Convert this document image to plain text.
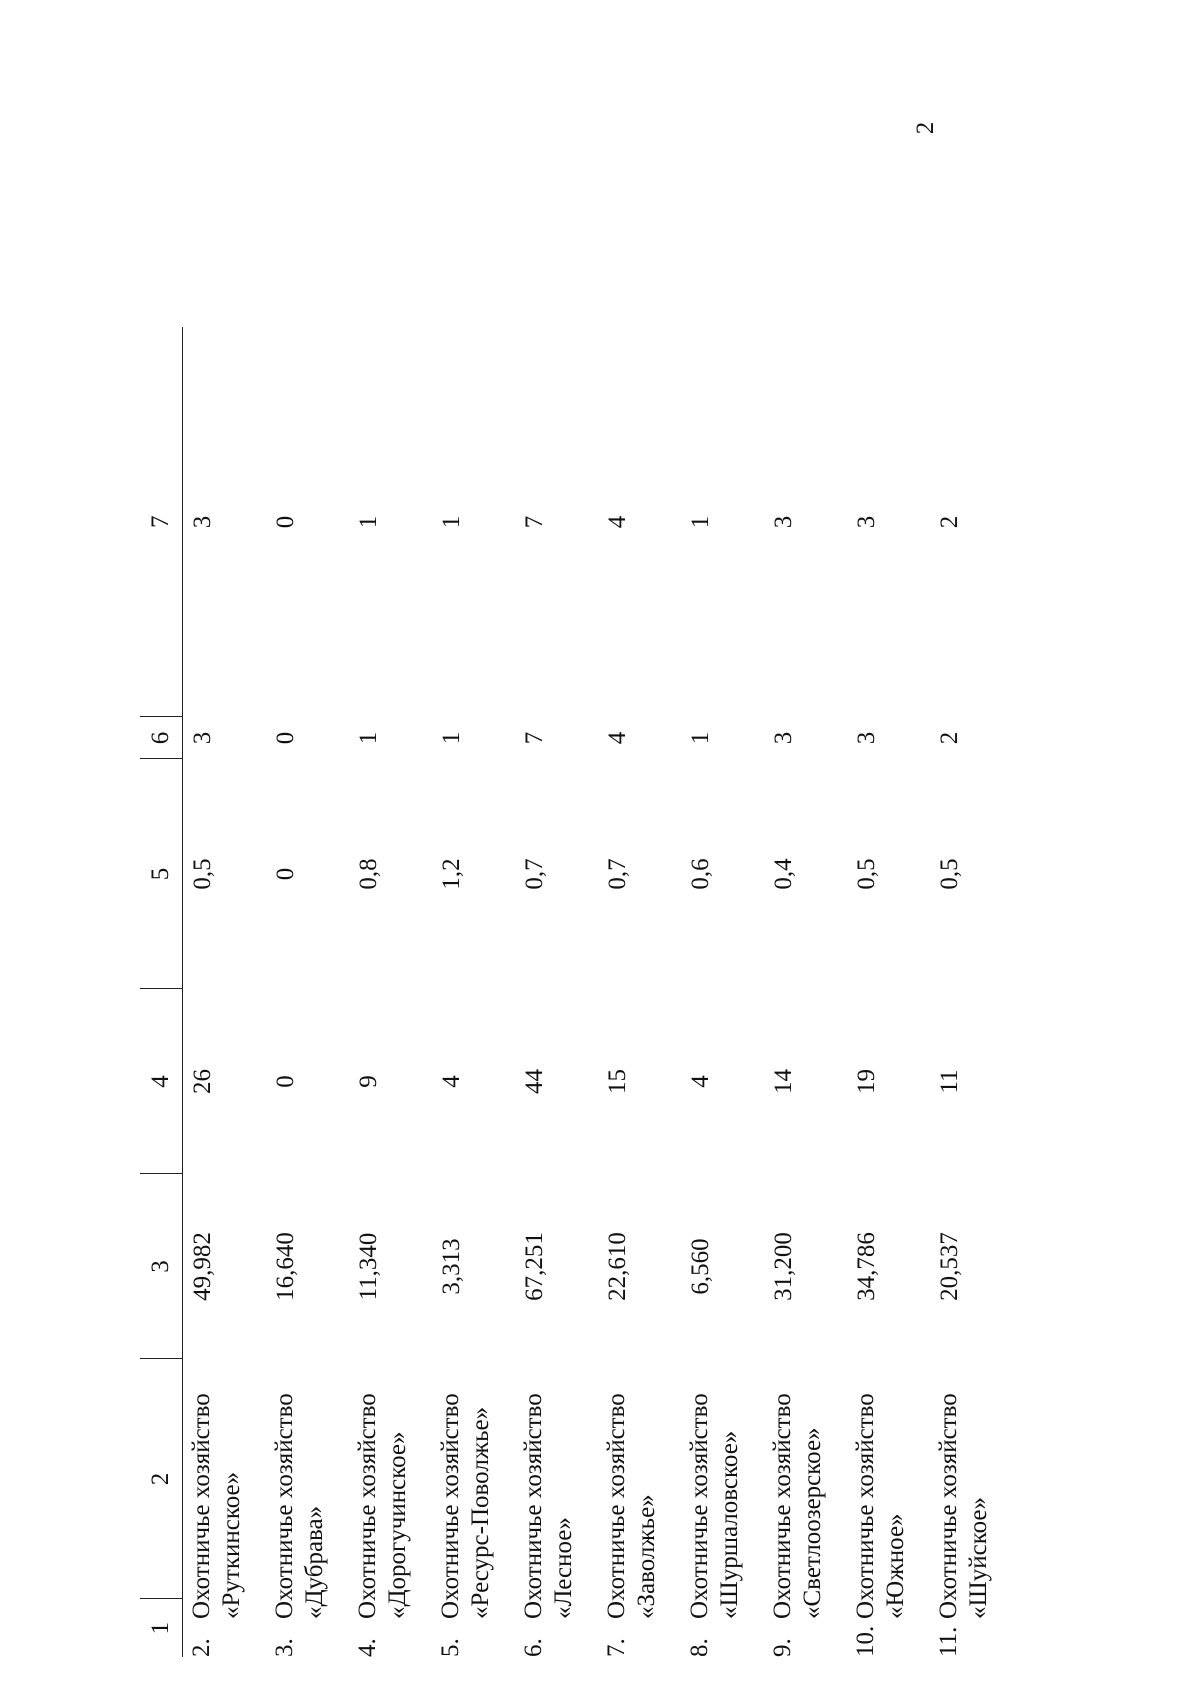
2
1	2	3	4	5	6	7
2.Охотничье хозяйство «Руткинское»		49,982	26	0,5	3	3
3.Охотничье хозяйство «Дубрава»		16,640	0	0	0	0
4.Охотничье хозяйство «Дорогучинское»		11,340	9	0,8	1	1
5.Охотничье хозяйство «Ресурс-Поволжье»		3,313	4	1,2	1	1
6.Охотничье хозяйство «Лесное»		67,251	44	0,7	7	7
7.Охотничье хозяйство «Заволжье»		22,610	15	0,7	4	4
8.Охотничье хозяйство «Шуршаловское»		6,560	4	0,6	1	1
9.Охотничье хозяйство «Светлоозерское»		31,200	14	0,4	3	3
10.Охотничье хозяйство «Южное»		34,786	19	0,5	3	3
11.Охотничье хозяйство «Шуйское»		20,537	11	0,5	2	2
